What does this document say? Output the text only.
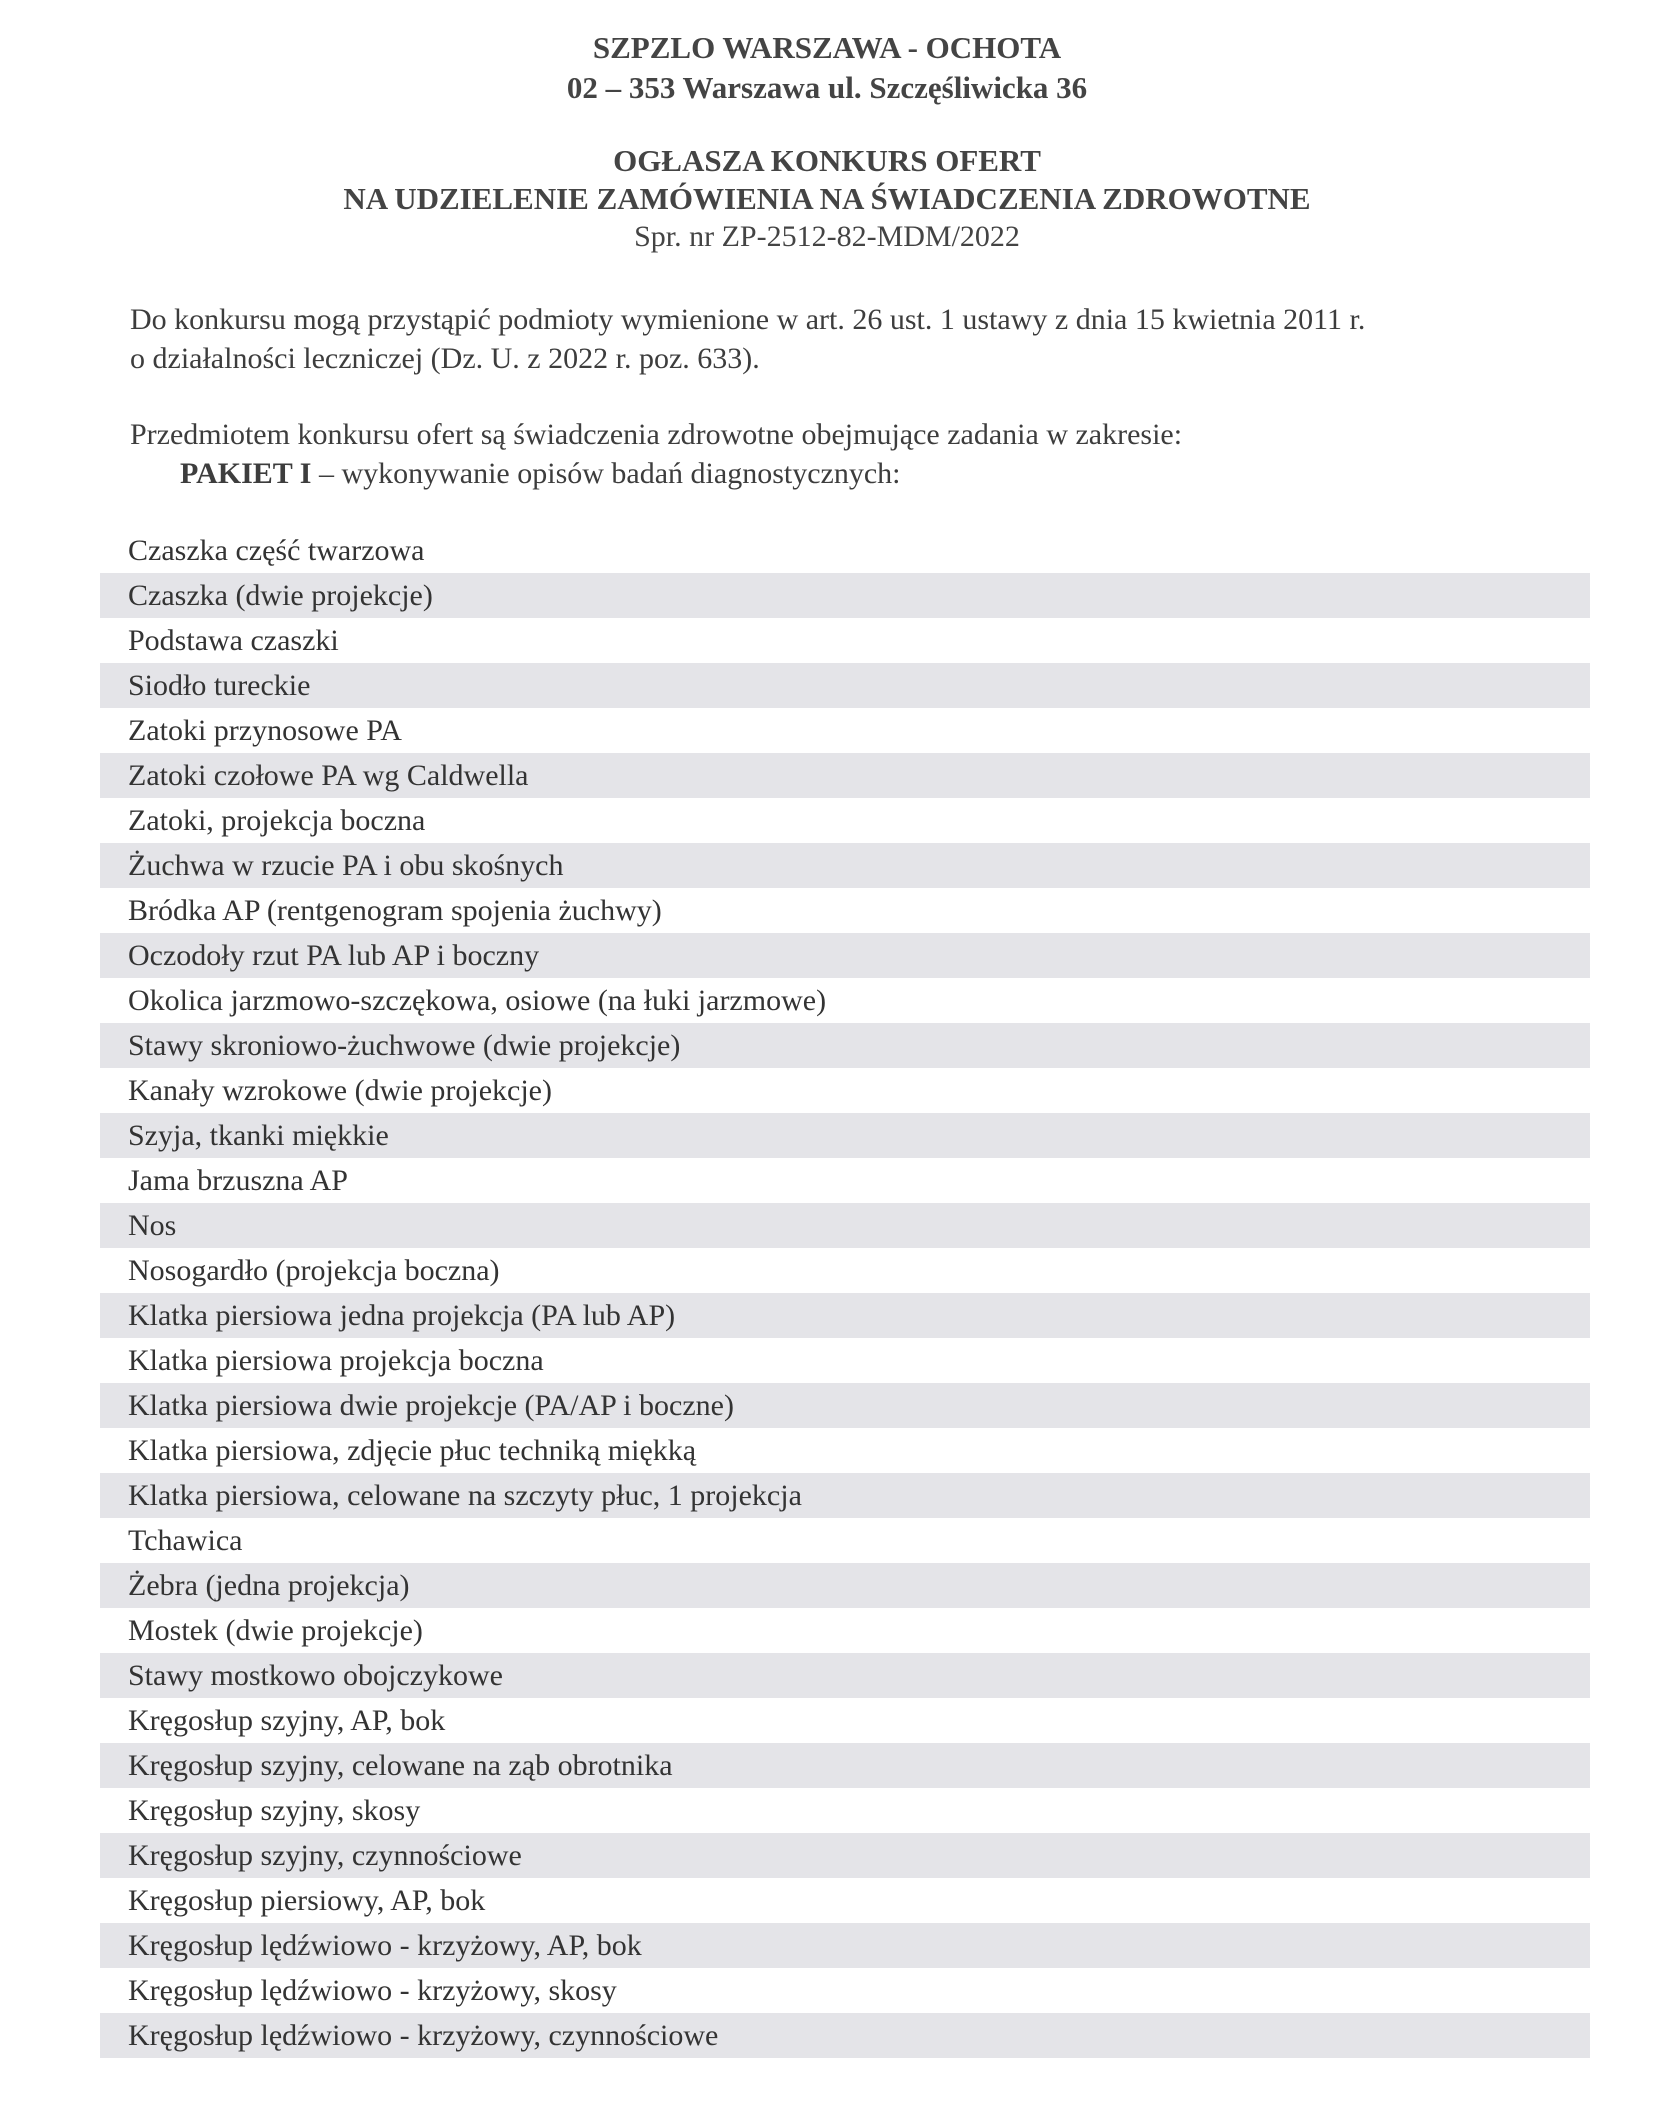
SZPZLO WARSZAWA - OCHOTA
02 – 353 Warszawa ul. Szczęśliwicka 36
OGŁASZA KONKURS OFERT
NA UDZIELENIE ZAMÓWIENIA NA ŚWIADCZENIA ZDROWOTNE
Spr. nr ZP-2512-82-MDM/2022
Do konkursu mogą przystąpić podmioty wymienione w art. 26 ust. 1 ustawy z dnia 15 kwietnia 2011 r.
o działalności leczniczej (Dz. U. z 2022 r. poz. 633).
Przedmiotem konkursu ofert są świadczenia zdrowotne obejmujące zadania w zakresie:
PAKIET I – wykonywanie opisów badań diagnostycznych:
Czaszka część twarzowa
Czaszka (dwie projekcje)
Podstawa czaszki
Siodło tureckie
Zatoki przynosowe PA
Zatoki czołowe PA wg Caldwella
Zatoki, projekcja boczna
Żuchwa w rzucie PA i obu skośnych
Bródka AP (rentgenogram spojenia żuchwy)
Oczodoły rzut PA lub AP i boczny
Okolica jarzmowo-szczękowa, osiowe (na łuki jarzmowe)
Stawy skroniowo-żuchwowe (dwie projekcje)
Kanały wzrokowe (dwie projekcje)
Szyja, tkanki miękkie
Jama brzuszna AP
Nos
Nosogardło (projekcja boczna)
Klatka piersiowa jedna projekcja (PA lub AP)
Klatka piersiowa projekcja boczna
Klatka piersiowa dwie projekcje (PA/AP i boczne)
Klatka piersiowa, zdjęcie płuc techniką miękką
Klatka piersiowa, celowane na szczyty płuc, 1 projekcja
Tchawica
Żebra (jedna projekcja)
Mostek (dwie projekcje)
Stawy mostkowo obojczykowe
Kręgosłup szyjny, AP, bok
Kręgosłup szyjny, celowane na ząb obrotnika
Kręgosłup szyjny, skosy
Kręgosłup szyjny, czynnościowe
Kręgosłup piersiowy, AP, bok
Kręgosłup lędźwiowo - krzyżowy, AP, bok
Kręgosłup lędźwiowo - krzyżowy, skosy
Kręgosłup lędźwiowo - krzyżowy, czynnościowe
